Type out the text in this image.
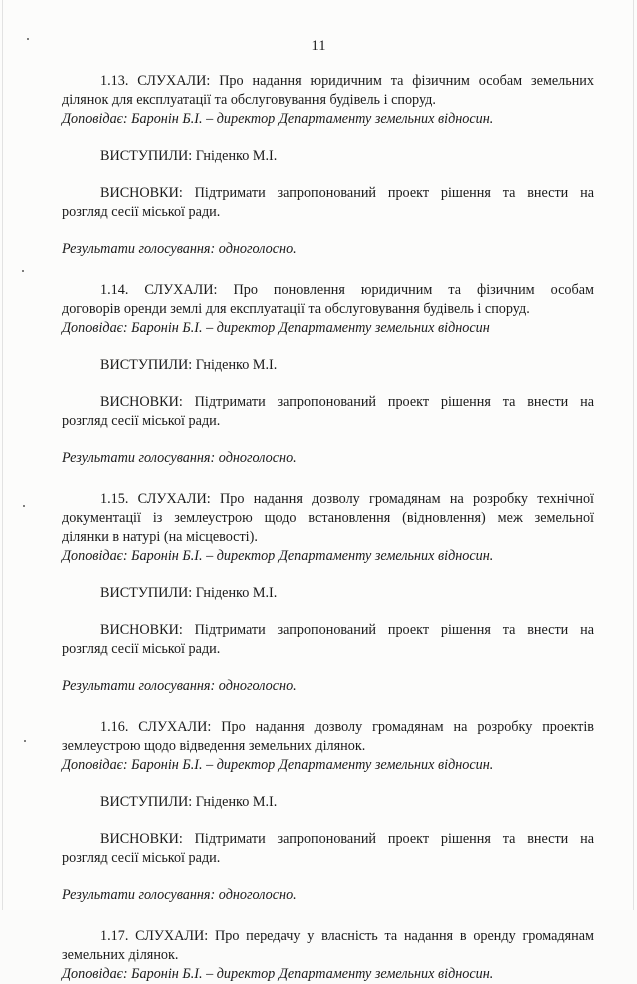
11
1.13. СЛУХАЛИ: Про надання юридичним та фізичним особам земельних
ділянок для експлуатації та обслуговування будівель і споруд.
Доповідає: Баронін Б.І. – директор Департаменту земельних відносин.
ВИСТУПИЛИ: Гніденко М.І.
ВИСНОВКИ: Підтримати запропонований проект рішення та внести на
розгляд сесії міської ради.
Результати голосування: одноголосно.
1.14. СЛУХАЛИ: Про поновлення юридичним та фізичним особам
договорів оренди землі для експлуатації та обслуговування будівель і споруд.
Доповідає: Баронін Б.І. – директор Департаменту земельних відносин
ВИСТУПИЛИ: Гніденко М.І.
ВИСНОВКИ: Підтримати запропонований проект рішення та внести на
розгляд сесії міської ради.
Результати голосування: одноголосно.
1.15. СЛУХАЛИ: Про надання дозволу громадянам на розробку технічної
документації із землеустрою щодо встановлення (відновлення) меж земельної
ділянки в натурі (на місцевості).
Доповідає: Баронін Б.І. – директор Департаменту земельних відносин.
ВИСТУПИЛИ: Гніденко М.І.
ВИСНОВКИ: Підтримати запропонований проект рішення та внести на
розгляд сесії міської ради.
Результати голосування: одноголосно.
1.16. СЛУХАЛИ: Про надання дозволу громадянам на розробку проектів
землеустрою щодо відведення земельних ділянок.
Доповідає: Баронін Б.І. – директор Департаменту земельних відносин.
ВИСТУПИЛИ: Гніденко М.І.
ВИСНОВКИ: Підтримати запропонований проект рішення та внести на
розгляд сесії міської ради.
Результати голосування: одноголосно.
1.17. СЛУХАЛИ: Про передачу у власність та надання в оренду громадянам
земельних ділянок.
Доповідає: Баронін Б.І. – директор Департаменту земельних відносин.
